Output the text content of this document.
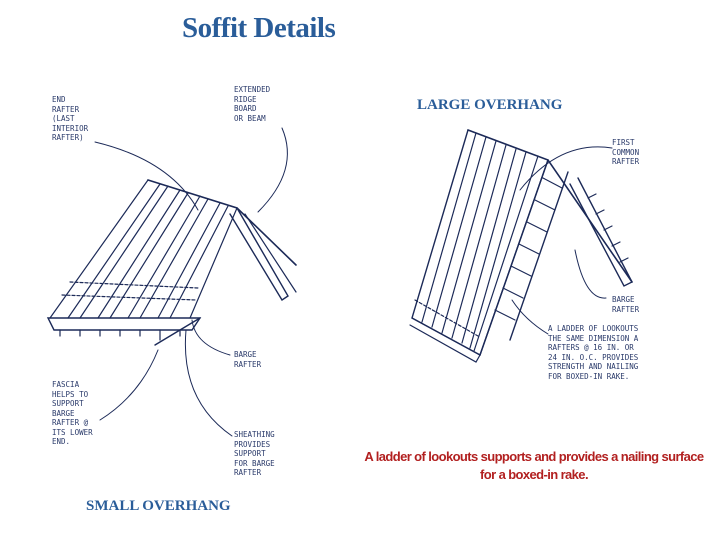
Soffit Details
END
RAFTER
(LAST
INTERIOR
RAFTER)
EXTENDED
RIDGE
BOARD
OR BEAM
BARGE
RAFTER
FASCIA
HELPS TO
SUPPORT
BARGE
RAFTER @
ITS LOWER
END.
SHEATHING
PROVIDES
SUPPORT
FOR BARGE
RAFTER
LARGE OVERHANG
FIRST
COMMON
RAFTER
BARGE
RAFTER
A LADDER OF LOOKOUTS
THE SAME DIMENSION A
RAFTERS @ 16 IN. OR
24 IN. O.C. PROVIDES
STRENGTH AND NAILING
FOR BOXED-IN RAKE.
A ladder of lookouts supports and provides a nailing surface for a boxed-in rake.
SMALL OVERHANG
